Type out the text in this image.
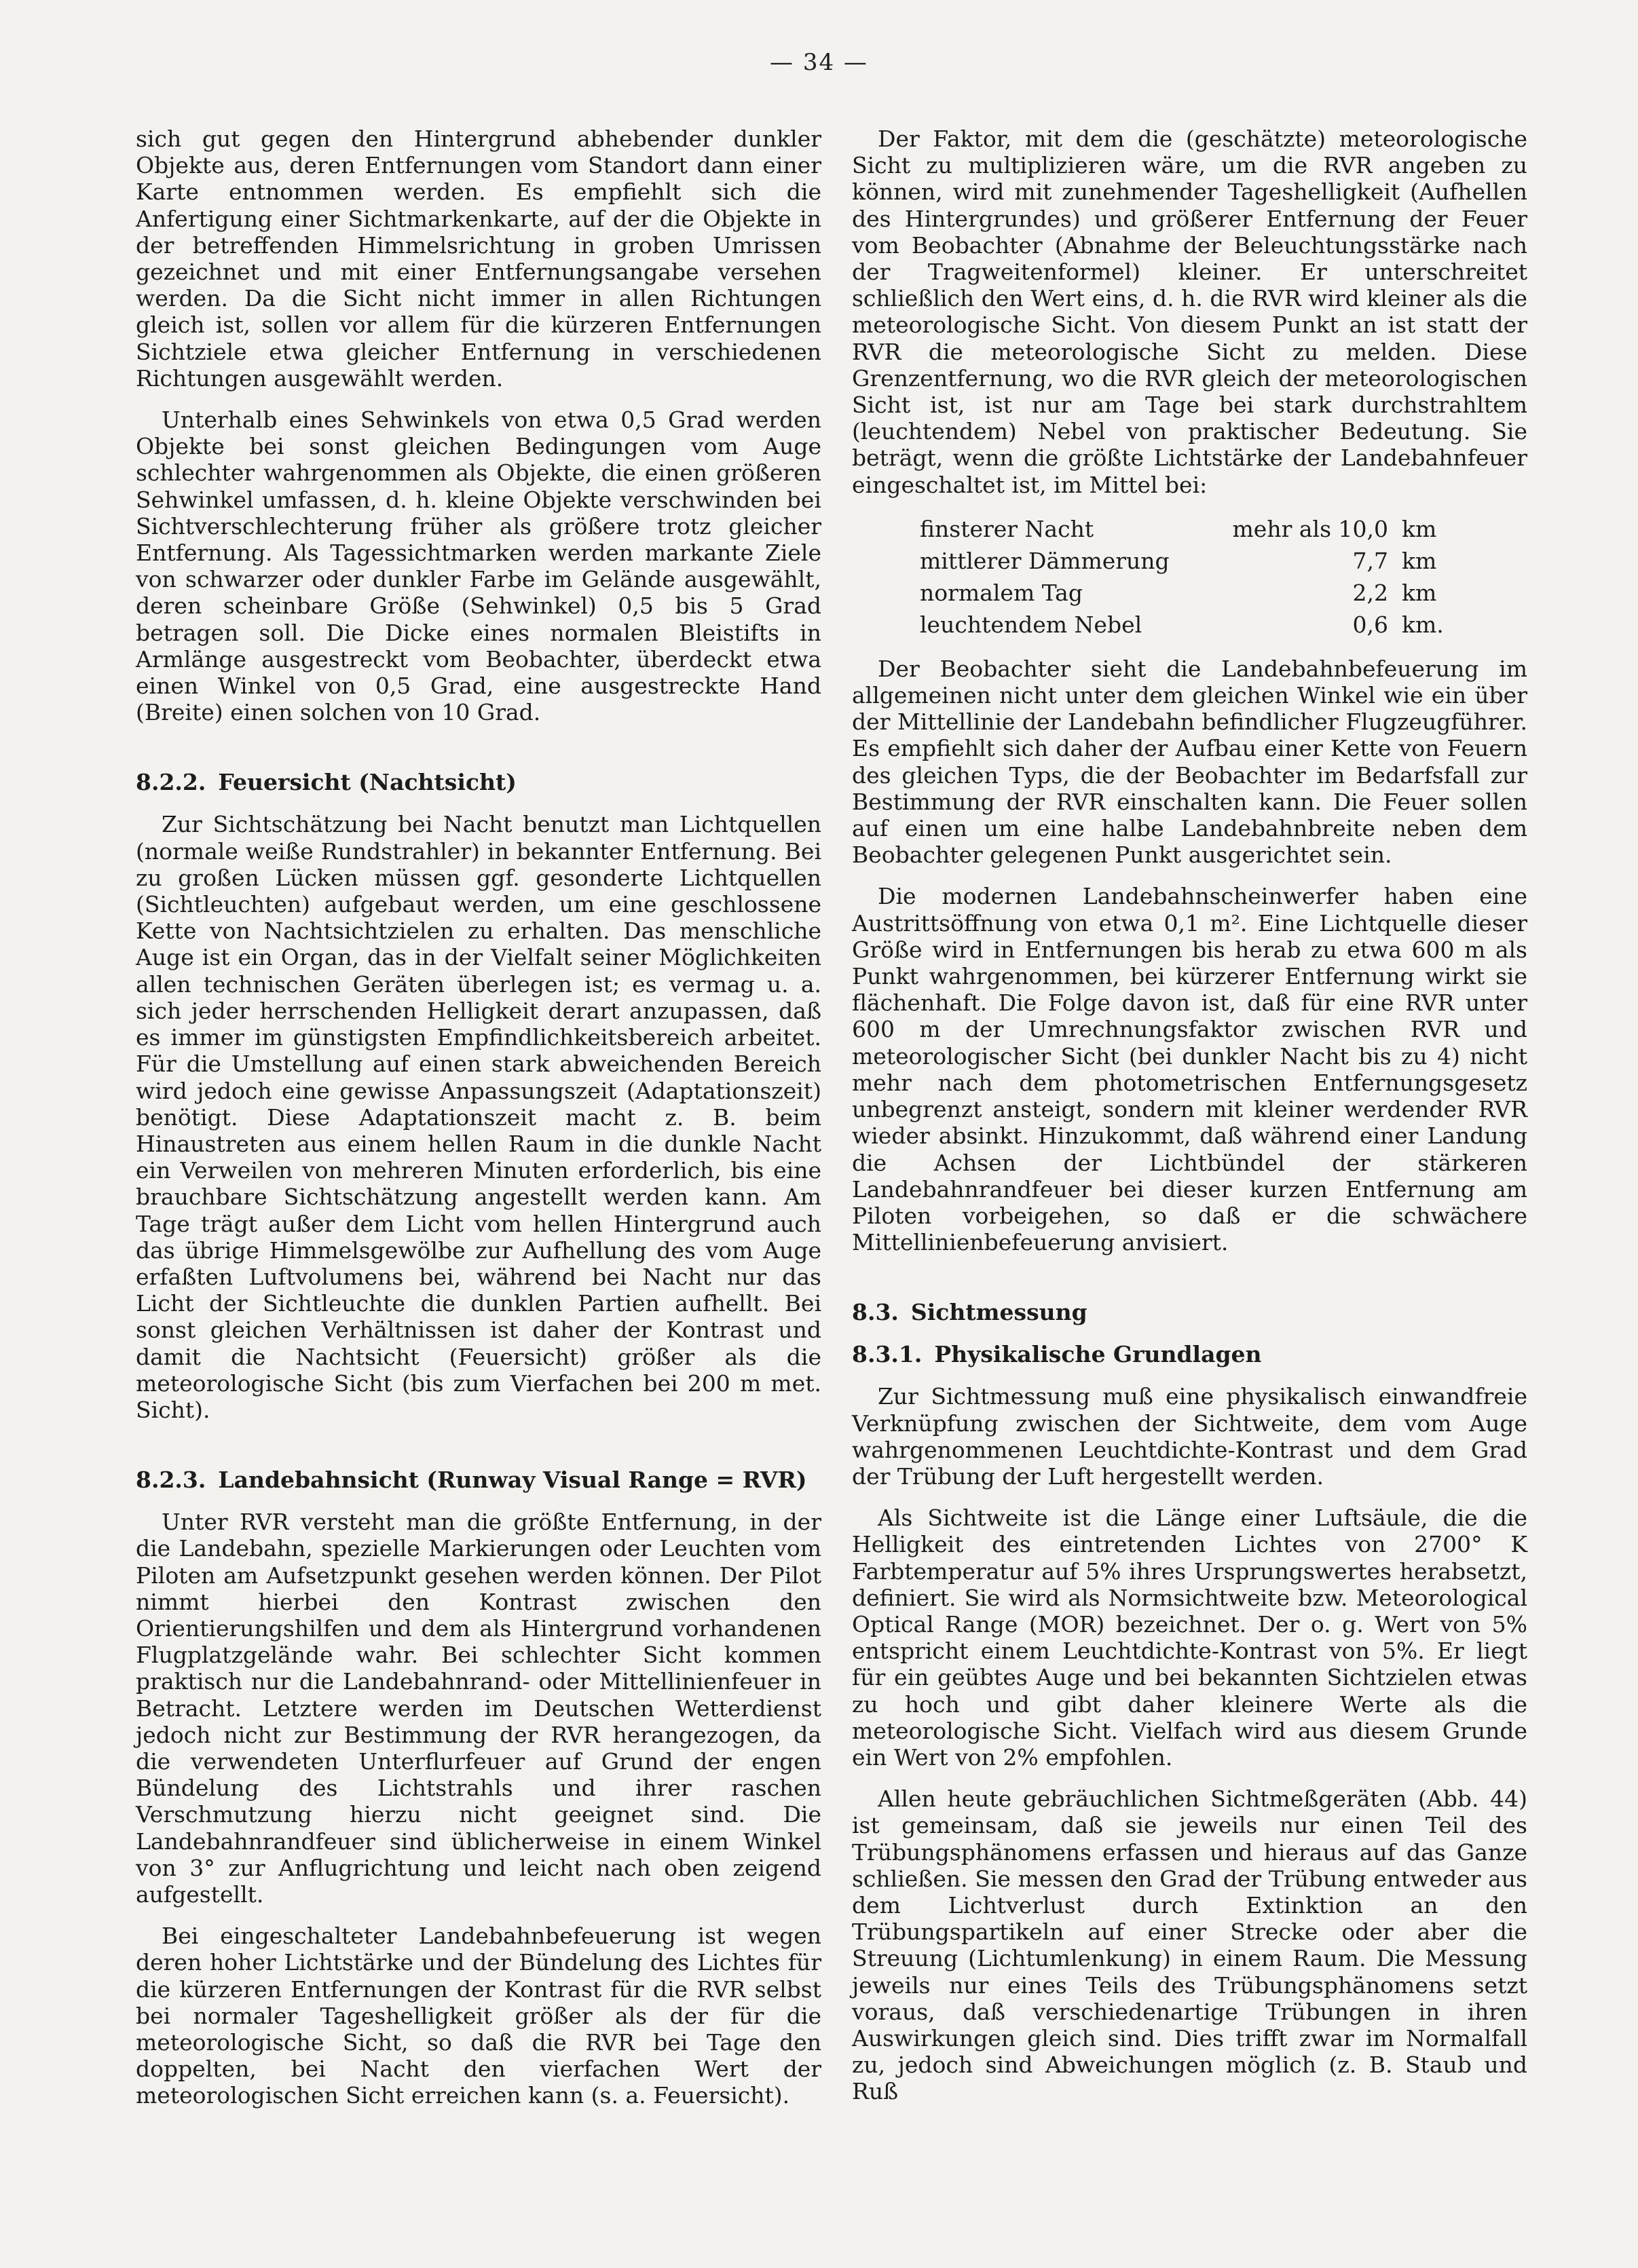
— 34 —

sich gut gegen den Hintergrund abhebender dunkler Objekte aus, deren Entfernungen vom Standort dann einer Karte entnommen werden. Es empfiehlt sich die Anfertigung einer Sichtmarkenkarte, auf der die Objekte in der betreffenden Himmelsrichtung in groben Umrissen gezeichnet und mit einer Entfernungsangabe versehen werden. Da die Sicht nicht immer in allen Richtungen gleich ist, sollen vor allem für die kürzeren Entfernungen Sichtziele etwa gleicher Entfernung in verschiedenen Richtungen ausgewählt werden.

Unterhalb eines Sehwinkels von etwa 0,5 Grad werden Objekte bei sonst gleichen Bedingungen vom Auge schlechter wahrgenommen als Objekte, die einen größeren Sehwinkel umfassen, d. h. kleine Objekte verschwinden bei Sichtverschlechterung früher als größere trotz gleicher Entfernung. Als Tagessichtmarken werden markante Ziele von schwarzer oder dunkler Farbe im Gelände ausgewählt, deren scheinbare Größe (Sehwinkel) 0,5 bis 5 Grad betragen soll. Die Dicke eines normalen Bleistifts in Armlänge ausgestreckt vom Beobachter, überdeckt etwa einen Winkel von 0,5 Grad, eine ausgestreckte Hand (Breite) einen solchen von 10 Grad.

8.2.2. Feuersicht (Nachtsicht)

Zur Sichtschätzung bei Nacht benutzt man Lichtquellen (normale weiße Rundstrahler) in bekannter Entfernung. Bei zu großen Lücken müssen ggf. gesonderte Lichtquellen (Sichtleuchten) aufgebaut werden, um eine geschlossene Kette von Nachtsichtzielen zu erhalten. Das menschliche Auge ist ein Organ, das in der Vielfalt seiner Möglichkeiten allen technischen Geräten überlegen ist; es vermag u. a. sich jeder herrschenden Helligkeit derart anzupassen, daß es immer im günstigsten Empfindlichkeitsbereich arbeitet. Für die Umstellung auf einen stark abweichenden Bereich wird jedoch eine gewisse Anpassungszeit (Adaptationszeit) benötigt. Diese Adaptationszeit macht z. B. beim Hinaustreten aus einem hellen Raum in die dunkle Nacht ein Verweilen von mehreren Minuten erforderlich, bis eine brauchbare Sichtschätzung angestellt werden kann. Am Tage trägt außer dem Licht vom hellen Hintergrund auch das übrige Himmelsgewölbe zur Aufhellung des vom Auge erfaßten Luftvolumens bei, während bei Nacht nur das Licht der Sichtleuchte die dunklen Partien aufhellt. Bei sonst gleichen Verhältnissen ist daher der Kontrast und damit die Nachtsicht (Feuersicht) größer als die meteorologische Sicht (bis zum Vierfachen bei 200 m met. Sicht).

8.2.3. Landebahnsicht (Runway Visual Range = RVR)

Unter RVR versteht man die größte Entfernung, in der die Landebahn, spezielle Markierungen oder Leuchten vom Piloten am Aufsetzpunkt gesehen werden können. Der Pilot nimmt hierbei den Kontrast zwischen den Orientierungshilfen und dem als Hintergrund vorhandenen Flugplatzgelände wahr. Bei schlechter Sicht kommen praktisch nur die Landebahnrand- oder Mittellinienfeuer in Betracht. Letztere werden im Deutschen Wetterdienst jedoch nicht zur Bestimmung der RVR herangezogen, da die verwendeten Unterflurfeuer auf Grund der engen Bündelung des Lichtstrahls und ihrer raschen Verschmutzung hierzu nicht geeignet sind. Die Landebahnrandfeuer sind üblicherweise in einem Winkel von 3° zur Anflugrichtung und leicht nach oben zeigend aufgestellt.

Bei eingeschalteter Landebahnbefeuerung ist wegen deren hoher Lichtstärke und der Bündelung des Lichtes für die kürzeren Entfernungen der Kontrast für die RVR selbst bei normaler Tageshelligkeit größer als der für die meteorologische Sicht, so daß die RVR bei Tage den doppelten, bei Nacht den vierfachen Wert der meteorologischen Sicht erreichen kann (s. a. Feuersicht).

Der Faktor, mit dem die (geschätzte) meteorologische Sicht zu multiplizieren wäre, um die RVR angeben zu können, wird mit zunehmender Tageshelligkeit (Aufhellen des Hintergrundes) und größerer Entfernung der Feuer vom Beobachter (Abnahme der Beleuchtungsstärke nach der Tragweitenformel) kleiner. Er unterschreitet schließlich den Wert eins, d. h. die RVR wird kleiner als die meteorologische Sicht. Von diesem Punkt an ist statt der RVR die meteorologische Sicht zu melden. Diese Grenzentfernung, wo die RVR gleich der meteorologischen Sicht ist, ist nur am Tage bei stark durchstrahltem (leuchtendem) Nebel von praktischer Bedeutung. Sie beträgt, wenn die größte Lichtstärke der Landebahnfeuer eingeschaltet ist, im Mittel bei:

finsterer Nacht	mehr als 10,0	km
mittlerer Dämmerung	7,7	km
normalem Tag	2,2	km
leuchtendem Nebel	0,6	km.

Der Beobachter sieht die Landebahnbefeuerung im allgemeinen nicht unter dem gleichen Winkel wie ein über der Mittellinie der Landebahn befindlicher Flugzeugführer. Es empfiehlt sich daher der Aufbau einer Kette von Feuern des gleichen Typs, die der Beobachter im Bedarfsfall zur Bestimmung der RVR einschalten kann. Die Feuer sollen auf einen um eine halbe Landebahnbreite neben dem Beobachter gelegenen Punkt ausgerichtet sein.

Die modernen Landebahnscheinwerfer haben eine Austrittsöffnung von etwa 0,1 m². Eine Lichtquelle dieser Größe wird in Entfernungen bis herab zu etwa 600 m als Punkt wahrgenommen, bei kürzerer Entfernung wirkt sie flächenhaft. Die Folge davon ist, daß für eine RVR unter 600 m der Umrechnungsfaktor zwischen RVR und meteorologischer Sicht (bei dunkler Nacht bis zu 4) nicht mehr nach dem photometrischen Entfernungsgesetz unbegrenzt ansteigt, sondern mit kleiner werdender RVR wieder absinkt. Hinzukommt, daß während einer Landung die Achsen der Lichtbündel der stärkeren Landebahnrandfeuer bei dieser kurzen Entfernung am Piloten vorbeigehen, so daß er die schwächere Mittellinienbefeuerung anvisiert.

8.3. Sichtmessung
8.3.1. Physikalische Grundlagen

Zur Sichtmessung muß eine physikalisch einwandfreie Verknüpfung zwischen der Sichtweite, dem vom Auge wahrgenommenen Leuchtdichte-Kontrast und dem Grad der Trübung der Luft hergestellt werden.

Als Sichtweite ist die Länge einer Luftsäule, die die Helligkeit des eintretenden Lichtes von 2700° K Farbtemperatur auf 5% ihres Ursprungswertes herabsetzt, definiert. Sie wird als Normsichtweite bzw. Meteorological Optical Range (MOR) bezeichnet. Der o. g. Wert von 5% entspricht einem Leuchtdichte-Kontrast von 5%. Er liegt für ein geübtes Auge und bei bekannten Sichtzielen etwas zu hoch und gibt daher kleinere Werte als die meteorologische Sicht. Vielfach wird aus diesem Grunde ein Wert von 2% empfohlen.

Allen heute gebräuchlichen Sichtmeßgeräten (Abb. 44) ist gemeinsam, daß sie jeweils nur einen Teil des Trübungsphänomens erfassen und hieraus auf das Ganze schließen. Sie messen den Grad der Trübung entweder aus dem Lichtverlust durch Extinktion an den Trübungspartikeln auf einer Strecke oder aber die Streuung (Lichtumlenkung) in einem Raum. Die Messung jeweils nur eines Teils des Trübungsphänomens setzt voraus, daß verschiedenartige Trübungen in ihren Auswirkungen gleich sind. Dies trifft zwar im Normalfall zu, jedoch sind Abweichungen möglich (z. B. Staub und Ruß
